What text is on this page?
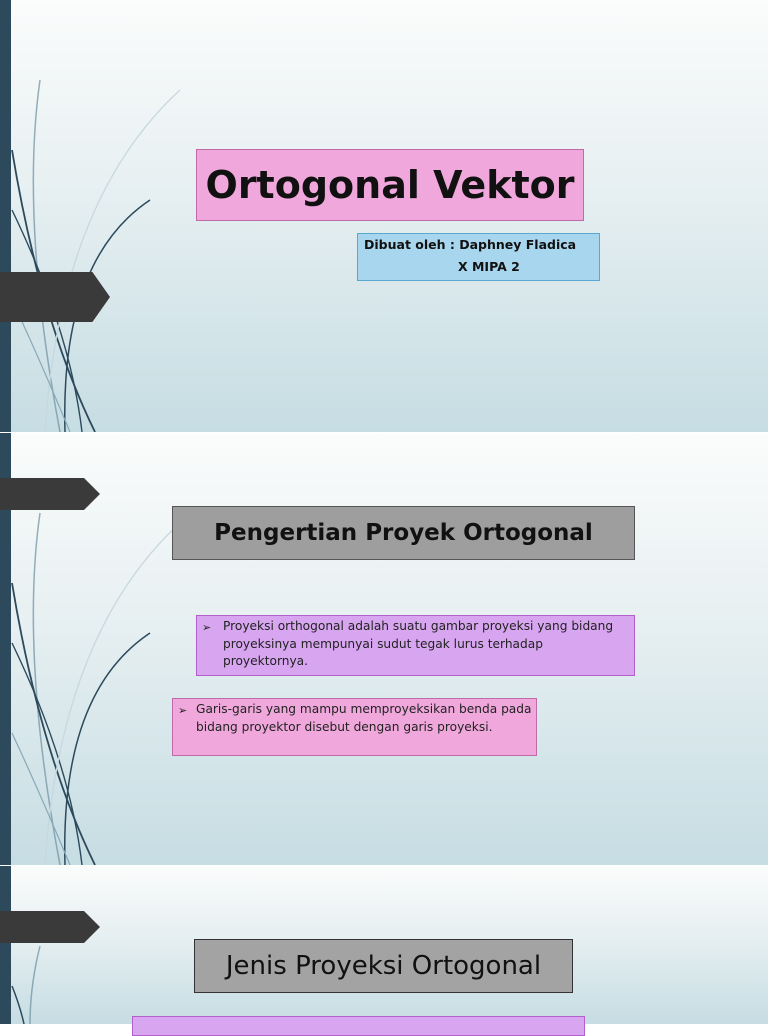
Ortogonal Vektor
Dibuat oleh : Daphney Fladica
X MIPA 2
Pengertian Proyek Ortogonal
➢ Proyeksi orthogonal adalah suatu gambar proyeksi yang bidang proyeksinya mempunyai sudut tegak lurus terhadap proyektornya.
➢ Garis-garis yang mampu memproyeksikan benda pada bidang proyektor disebut dengan garis proyeksi.
Jenis Proyeksi Ortogonal
